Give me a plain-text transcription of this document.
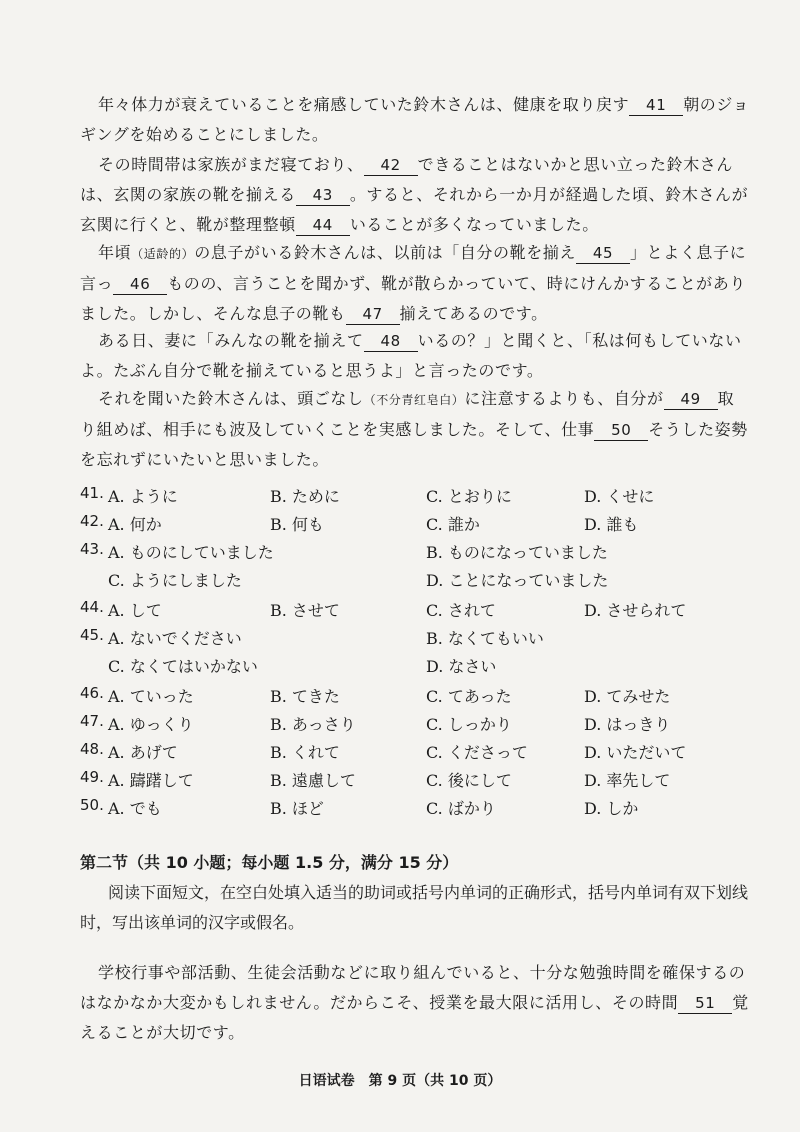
年々体力が衰えていることを痛感していた鈴木さんは、健康を取り戻す 41 朝のジョギングを始めることにしました。

その時間帯は家族がまだ寝ており、 42 できることはないかと思い立った鈴木さんは、玄関の家族の靴を揃える 43 。すると、それから一か月が経過した頃、鈴木さんが玄関に行くと、靴が整理整頓 44 いることが多くなっていました。

年頃（适龄的）の息子がいる鈴木さんは、以前は「自分の靴を揃え 45 」とよく息子に言っ 46 ものの、言うことを聞かず、靴が散らかっていて、時にけんかすることがありました。しかし、そんな息子の靴も 47 揃えてあるのです。

ある日、妻に「みんなの靴を揃えて 48 いるの？」と聞くと、「私は何もしていないよ。たぶん自分で靴を揃えていると思うよ」と言ったのです。

それを聞いた鈴木さんは、頭ごなし（不分青红皂白）に注意するよりも、自分が 49 取り組めば、相手にも波及していくことを実感しました。そして、仕事 50 そうした姿勢を忘れずにいたいと思いました。

41. A. ように	B. ために	C. とおりに	D. くせに
42. A. 何か	B. 何も	C. 誰か	D. 誰も
43. A. ものにしていました	B. ものになっていました
C. ようにしました	D. ことになっていました
44. A. して	B. させて	C. されて	D. させられて
45. A. ないでください	B. なくてもいい
C. なくてはいかない	D. なさい
46. A. ていった	B. てきた	C. てあった	D. てみせた
47. A. ゆっくり	B. あっさり	C. しっかり	D. はっきり
48. A. あげて	B. くれて	C. くださって	D. いただいて
49. A. 躊躇して	B. 遠慮して	C. 後にして	D. 率先して
50. A. でも	B. ほど	C. ばかり	D. しか
第二节（共 10 小题；每小题 1.5 分，满分 15 分）

阅读下面短文，在空白处填入适当的助词或括号内单词的正确形式，括号内单词有双下划线时，写出该单词的汉字或假名。

学校行事や部活動、生徒会活動などに取り組んでいると、十分な勉強時間を確保するのはなかなか大変かもしれません。だからこそ、授業を最大限に活用し、その時間 51 覚えることが大切です。

日语试卷　第 9 页（共 10 页）
